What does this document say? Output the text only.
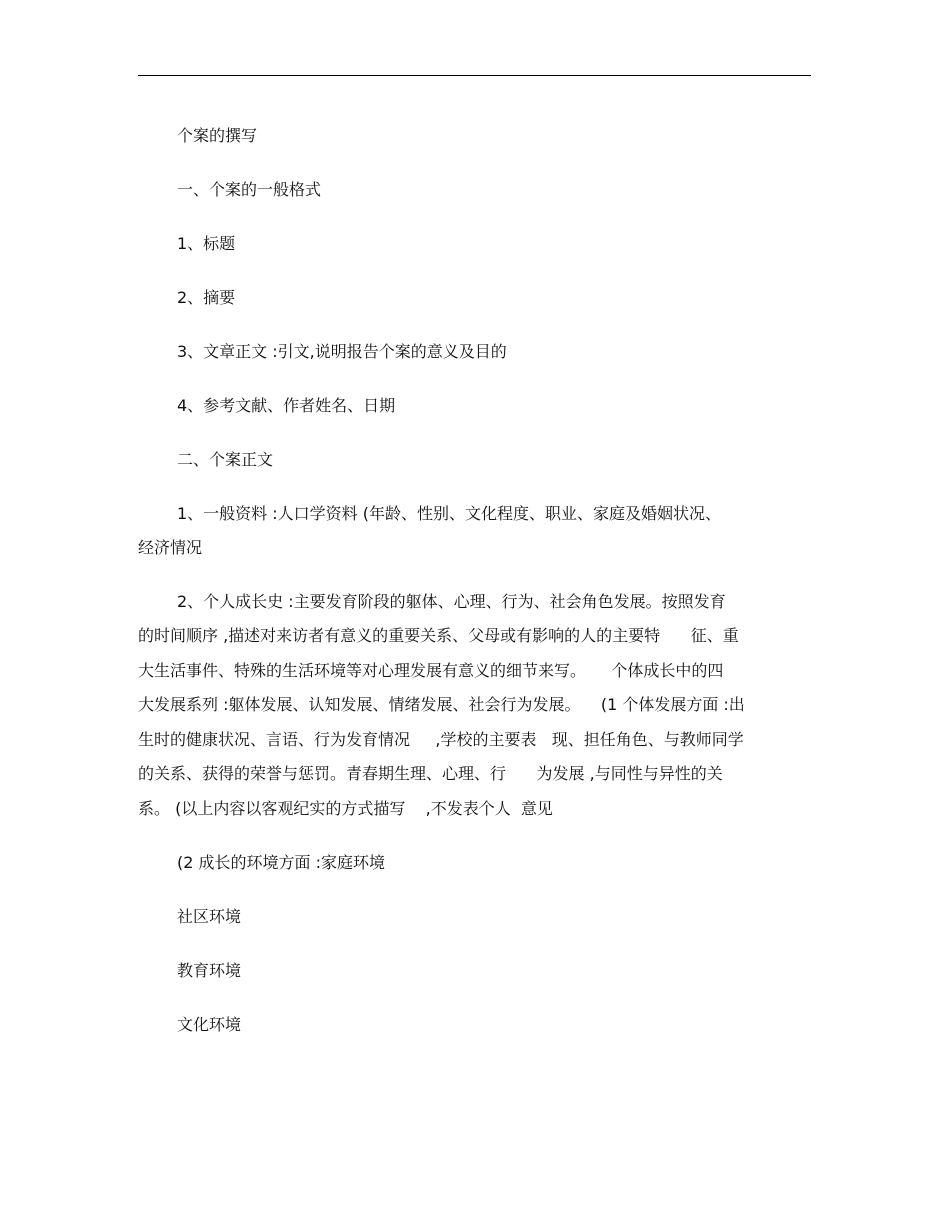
个案的撰写
一、个案的一般格式
1、标题
2、摘要
3、文章正文 :引文,说明报告个案的意义及目的
4、参考文献、作者姓名、日期
二、个案正文
1、一般资料 :人口学资料 (年龄、性别、文化程度、职业、家庭及婚姻状况、
经济情况
2、个人成长史 :主要发育阶段的躯体、心理、行为、社会角色发展。按照发育
的时间顺序 ,描述对来访者有意义的重要关系、父母或有影响的人的主要特      征、重
大生活事件、特殊的生活环境等对心理发展有意义的细节来写。     个体成长中的四
大发展系列 :躯体发展、认知发展、情绪发展、社会行为发展。    (1 个体发展方面 :出
生时的健康状况、言语、行为发育情况     ,学校的主要表   现、担任角色、与教师同学
的关系、获得的荣誉与惩罚。青春期生理、心理、行      为发展 ,与同性与异性的关
系。 (以上内容以客观纪实的方式描写    ,不发表个人  意见
(2 成长的环境方面 :家庭环境
社区环境
教育环境
文化环境
